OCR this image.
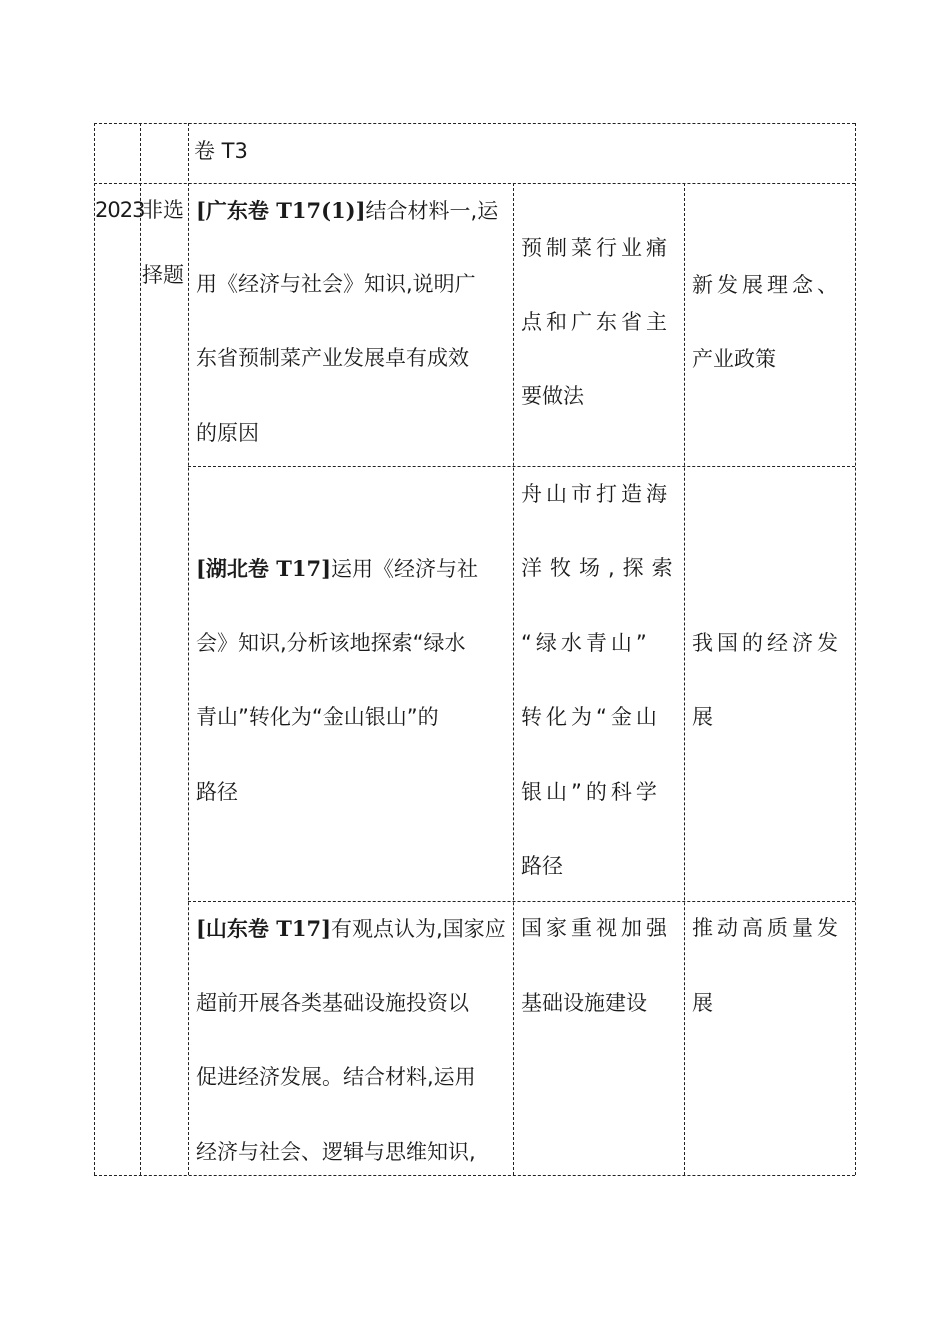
卷 T3
2023
非选
择题
[广东卷 T17(1)]结合材料一,运
用《经济与社会》知识,说明广
东省预制菜产业发展卓有成效
的原因
预制菜行业痛
点和广东省主
要做法
新发展理念、
产业政策
[湖北卷 T17]运用《经济与社
会》知识,分析该地探索“绿水
青山”转化为“金山银山”的
路径
舟山市打造海
洋牧场,探索
“绿水青山”
转化为“金山
银山”的科学
路径
我国的经济发
展
[山东卷 T17]有观点认为,国家应
超前开展各类基础设施投资以
促进经济发展。结合材料,运用
经济与社会、逻辑与思维知识,
国家重视加强
基础设施建设
推动高质量发
展
